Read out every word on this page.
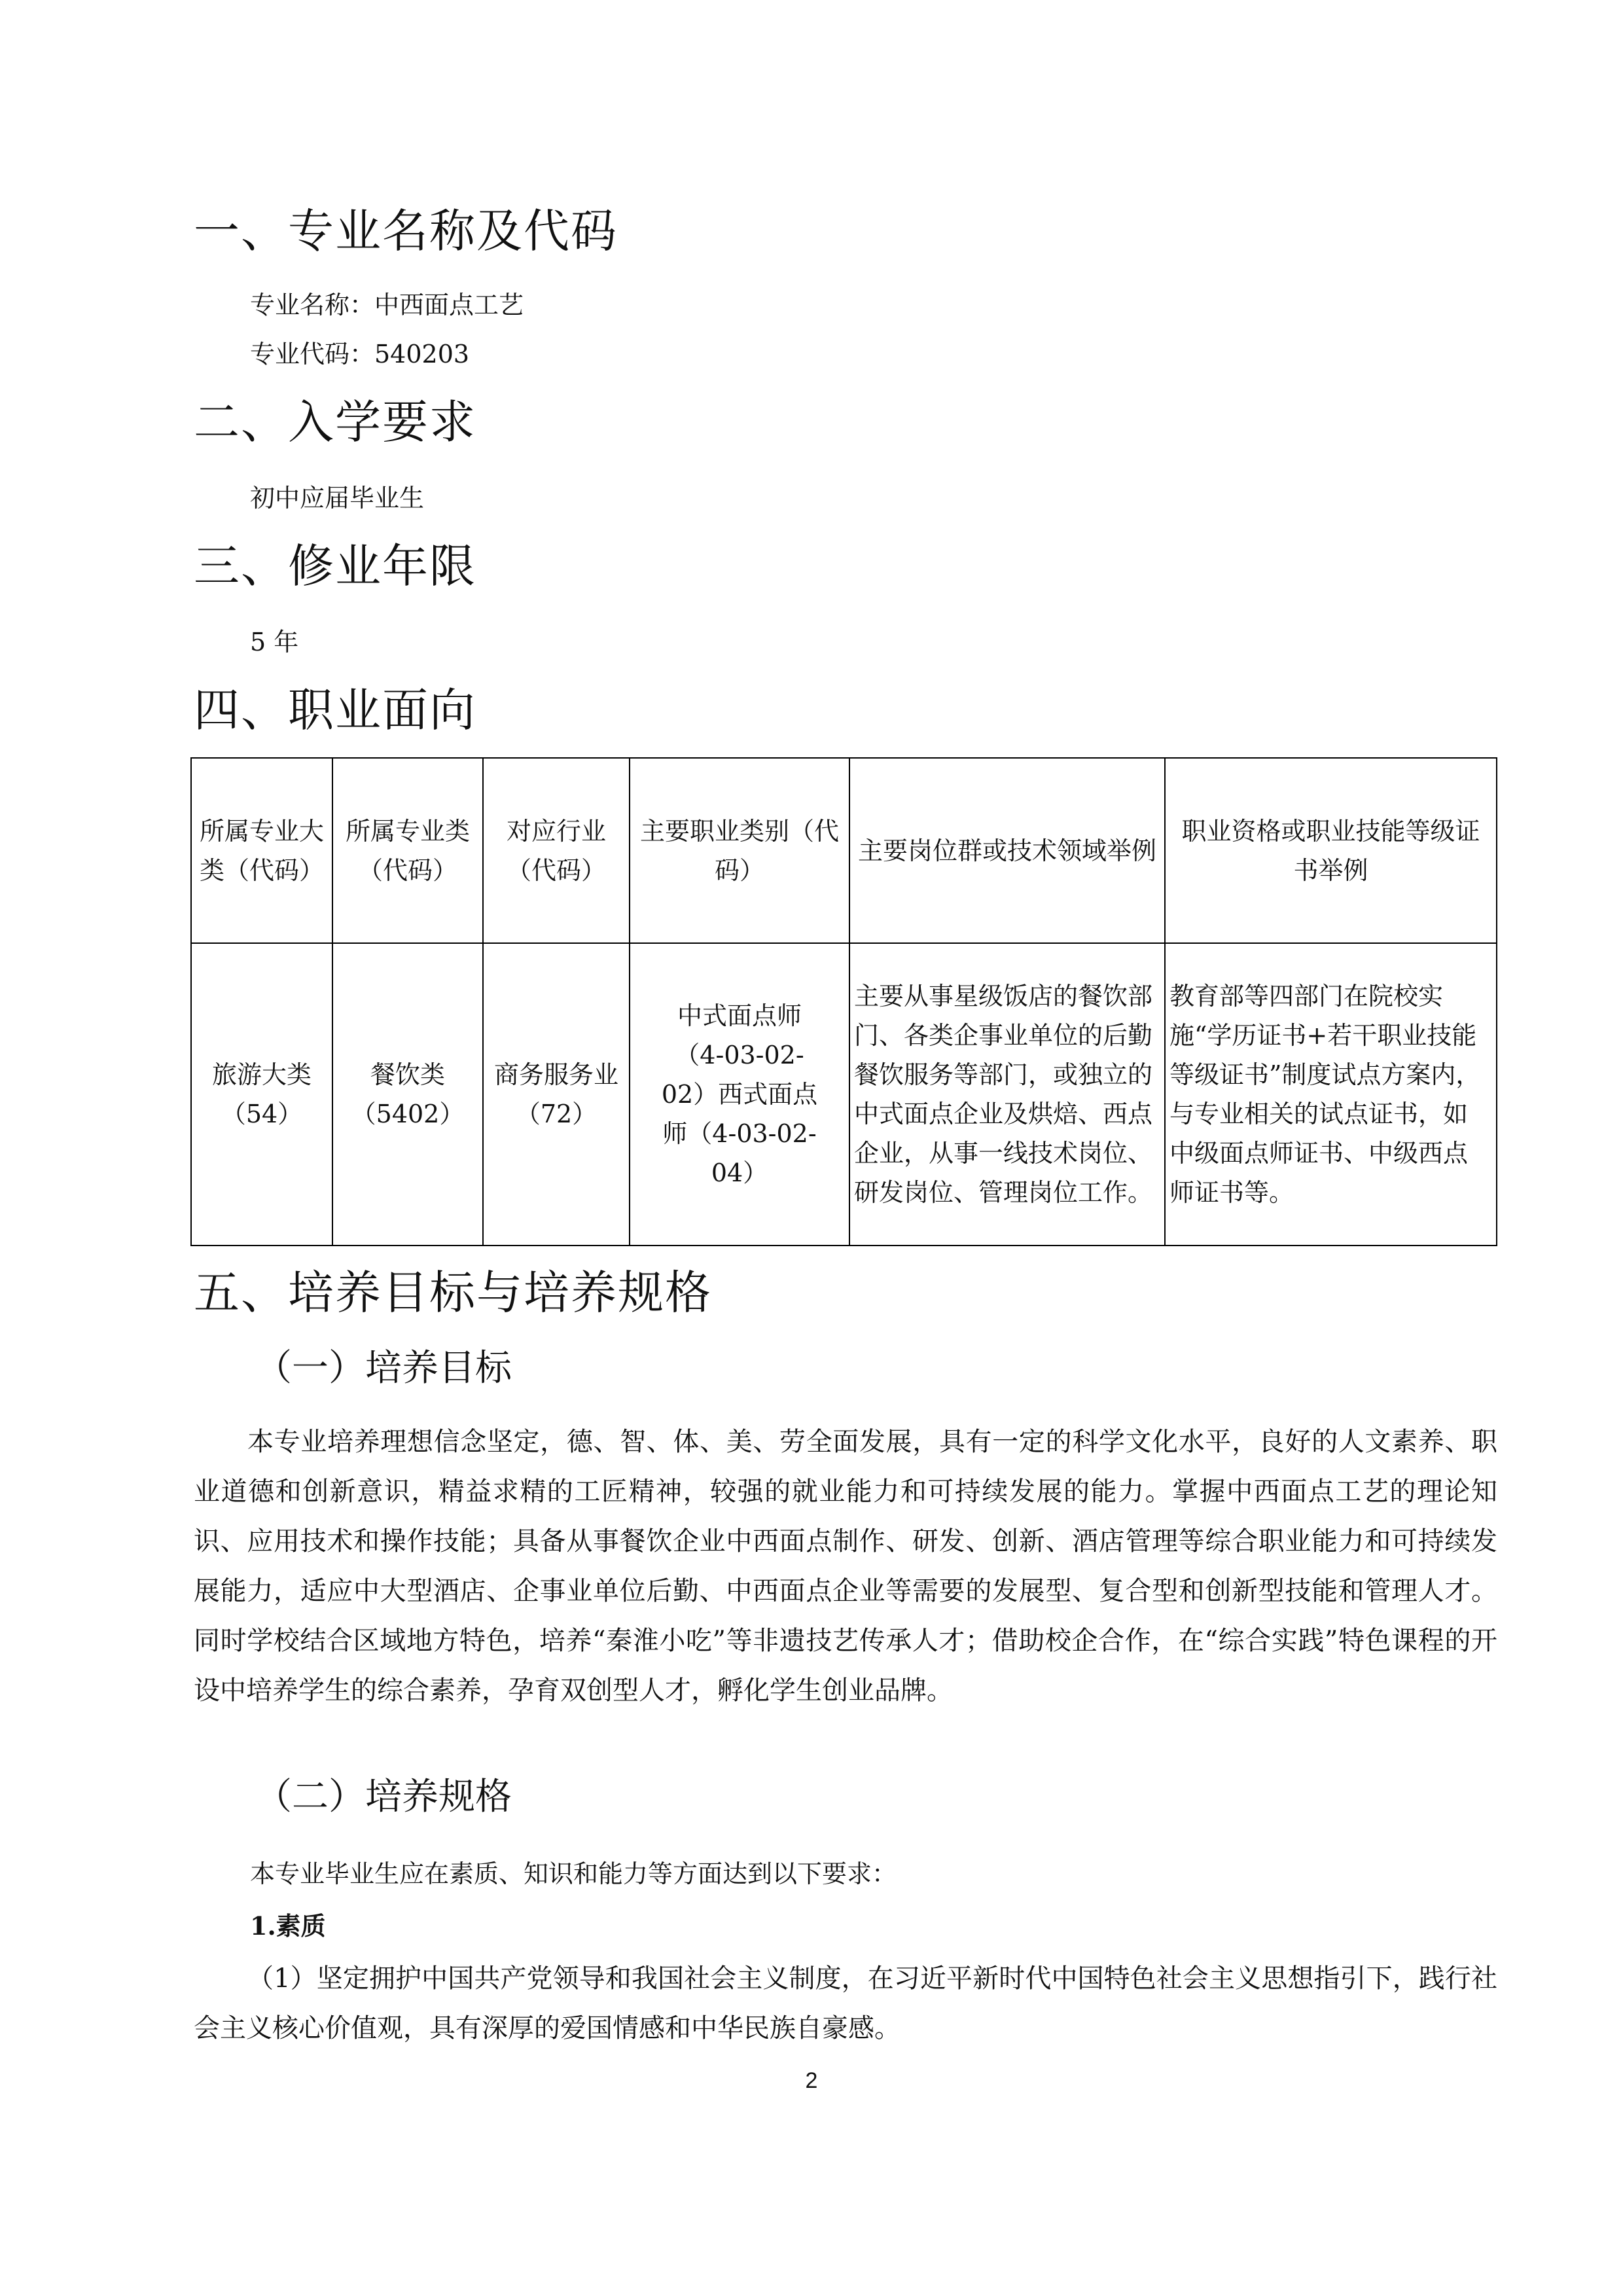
一、专业名称及代码
专业名称：中西面点工艺
专业代码：540203
二、入学要求
初中应届毕业生
三、修业年限
5 年
四、职业面向
所属专业大类（代码）	所属专业类（代码）	对应行业（代码）	主要职业类别（代码）	主要岗位群或技术领域举例	职业资格或职业技能等级证书举例
旅游大类（54）	餐饮类（5402）	商务服务业（72）	中式面点师（4-03-02-02）西式面点师（4-03-02-04）	主要从事星级饭店的餐饮部门、各类企事业单位的后勤餐饮服务等部门，或独立的中式面点企业及烘焙、西点企业，从事一线技术岗位、研发岗位、管理岗位工作。	教育部等四部门在院校实施“学历证书+若干职业技能等级证书”制度试点方案内，与专业相关的试点证书，如中级面点师证书、中级西点师证书等。
五、培养目标与培养规格
（一）培养目标

本专业培养理想信念坚定，德、智、体、美、劳全面发展，具有一定的科学文化水平，良好的人文素养、职业道德和创新意识，精益求精的工匠精神，较强的就业能力和可持续发展的能力。掌握中西面点工艺的理论知识、应用技术和操作技能；具备从事餐饮企业中西面点制作、研发、创新、酒店管理等综合职业能力和可持续发展能力，适应中大型酒店、企事业单位后勤、中西面点企业等需要的发展型、复合型和创新型技能和管理人才。同时学校结合区域地方特色，培养“秦淮小吃”等非遗技艺传承人才；借助校企合作，在“综合实践”特色课程的开设中培养学生的综合素养，孕育双创型人才，孵化学生创业品牌。

（二）培养规格
本专业毕业生应在素质、知识和能力等方面达到以下要求：
1.素质

（1）坚定拥护中国共产党领导和我国社会主义制度，在习近平新时代中国特色社会主义思想指引下，践行社会主义核心价值观，具有深厚的爱国情感和中华民族自豪感。

2
